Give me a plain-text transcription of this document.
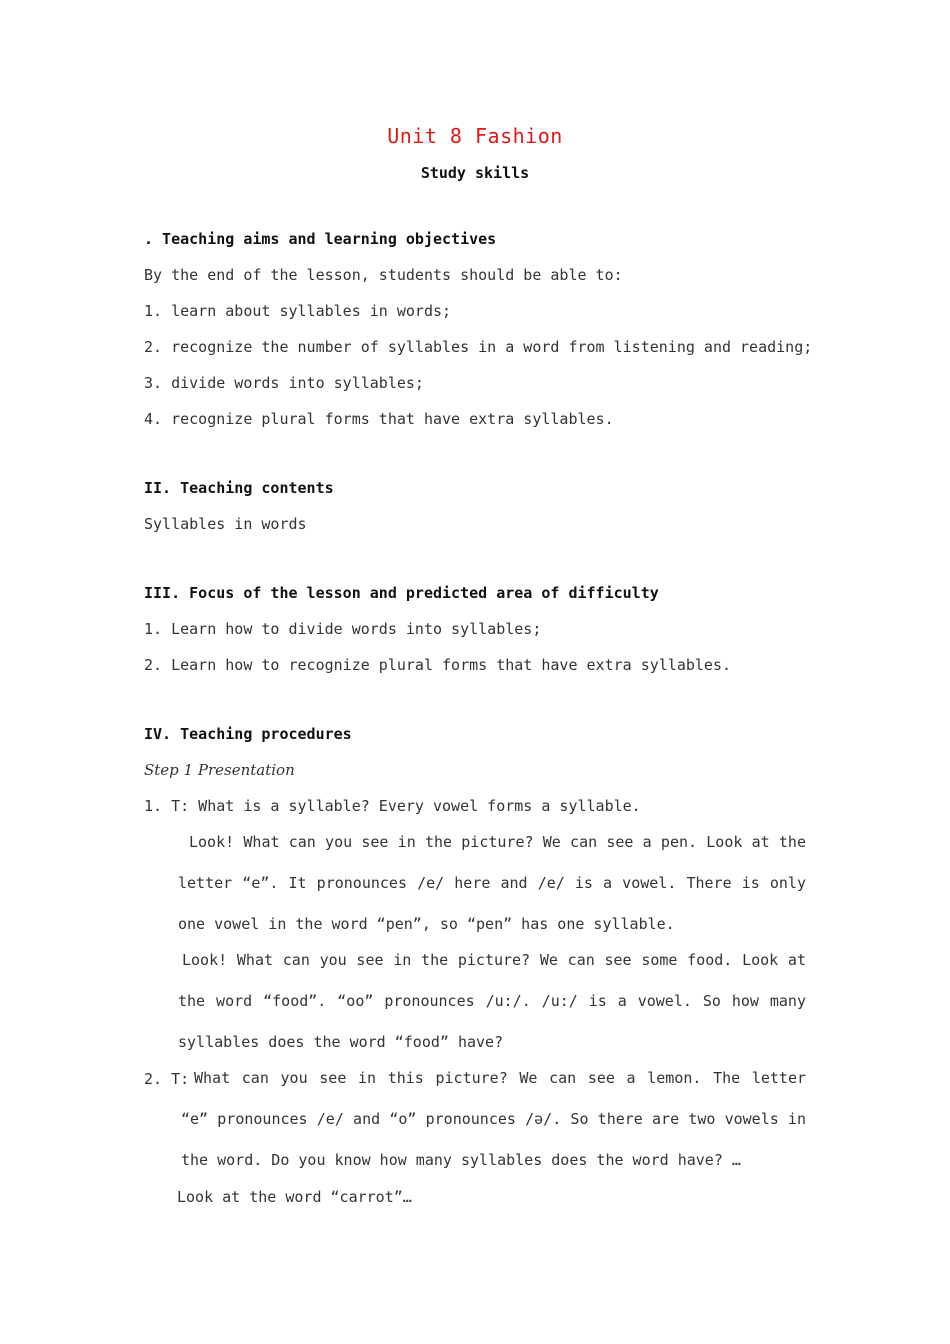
Unit 8 Fashion
Study skills
. Teaching aims and learning objectives
By the end of the lesson, students should be able to:
1. learn about syllables in words;
2. recognize the number of syllables in a word from listening and reading;
3. divide words into syllables;
4. recognize plural forms that have extra syllables.
II. Teaching contents
Syllables in words
III. Focus of the lesson and predicted area of difficulty
1. Learn how to divide words into syllables;
2. Learn how to recognize plural forms that have extra syllables.
IV. Teaching procedures
Step 1 Presentation
1. T: What is a syllable? Every vowel forms a syllable.
Look! What can you see in the picture? We can see a pen. Look at the letter “e”. It pronounces /e/ here and /e/ is a vowel. There is only one vowel in the word “pen”, so “pen” has one syllable.
Look! What can you see in the picture? We can see some food. Look at the word “food”. “oo” pronounces /u:/. /u:/ is a vowel. So how many syllables does the word “food” have?
2. T: What can you see in this picture? We can see a lemon. The letter “e” pronounces /e/ and “o” pronounces /ə/. So there are two vowels in the word. Do you know how many syllables does the word have? …
Look at the word “carrot”…
